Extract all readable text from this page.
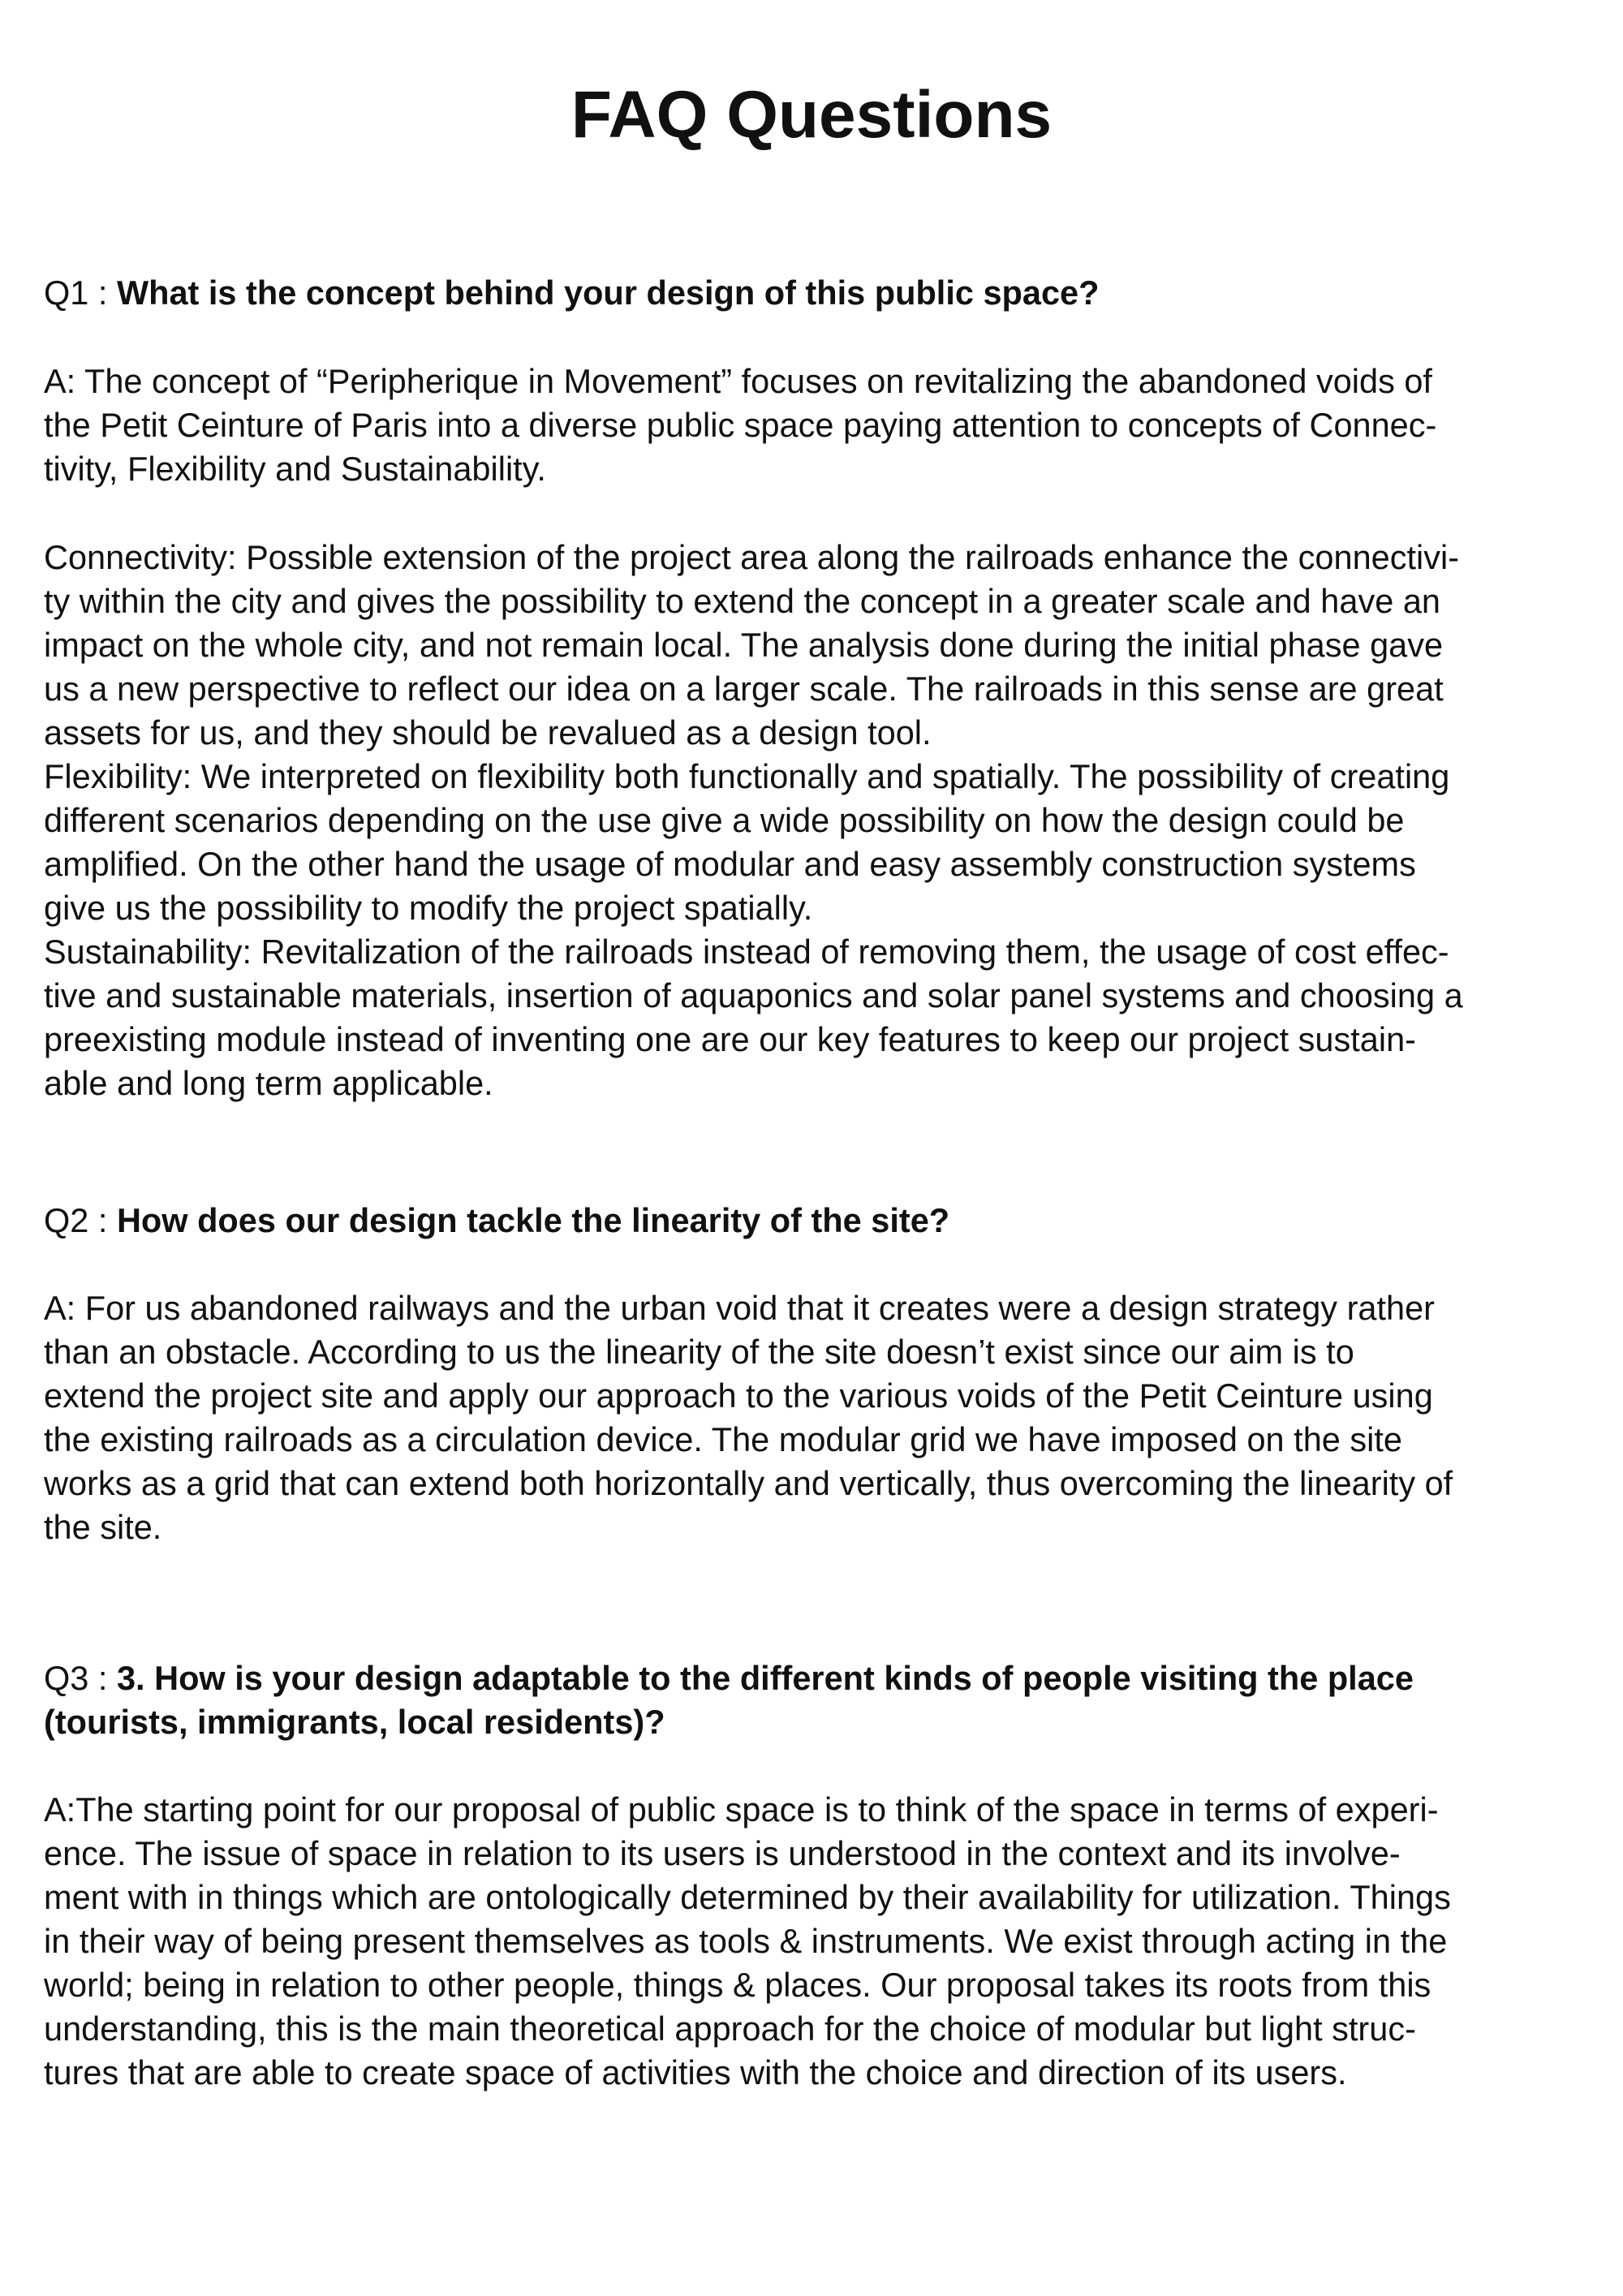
FAQ Questions

Q1 : What is the concept behind your design of this public space?

A: The concept of “Peripherique in Movement” focuses on revitalizing the abandoned voids of
the Petit Ceinture of Paris into a diverse public space paying attention to concepts of Connec-
tivity, Flexibility and Sustainability.

Connectivity: Possible extension of the project area along the railroads enhance the connectivi-
ty within the city and gives the possibility to extend the concept in a greater scale and have an
impact on the whole city, and not remain local. The analysis done during the initial phase gave
us a new perspective to reflect our idea on a larger scale. The railroads in this sense are great
assets for us, and they should be revalued as a design tool.
Flexibility: We interpreted on flexibility both functionally and spatially. The possibility of creating
different scenarios depending on the use give a wide possibility on how the design could be
amplified. On the other hand the usage of modular and easy assembly construction systems
give us the possibility to modify the project spatially.
Sustainability: Revitalization of the railroads instead of removing them, the usage of cost effec-
tive and sustainable materials, insertion of aquaponics and solar panel systems and choosing a
preexisting module instead of inventing one are our key features to keep our project sustain-
able and long term applicable.

Q2 : How does our design tackle the linearity of the site?

A: For us abandoned railways and the urban void that it creates were a design strategy rather
than an obstacle. According to us the linearity of the site doesn’t exist since our aim is to
extend the project site and apply our approach to the various voids of the Petit Ceinture using
the existing railroads as a circulation device. The modular grid we have imposed on the site
works as a grid that can extend both horizontally and vertically, thus overcoming the linearity of
the site.

Q3 : 3. How is your design adaptable to the different kinds of people visiting the place
(tourists, immigrants, local residents)?

A:The starting point for our proposal of public space is to think of the space in terms of experi-
ence. The issue of space in relation to its users is understood in the context and its involve-
ment with in things which are ontologically determined by their availability for utilization. Things
in their way of being present themselves as tools & instruments. We exist through acting in the
world; being in relation to other people, things & places. Our proposal takes its roots from this
understanding, this is the main theoretical approach for the choice of modular but light struc-
tures that are able to create space of activities with the choice and direction of its users.
